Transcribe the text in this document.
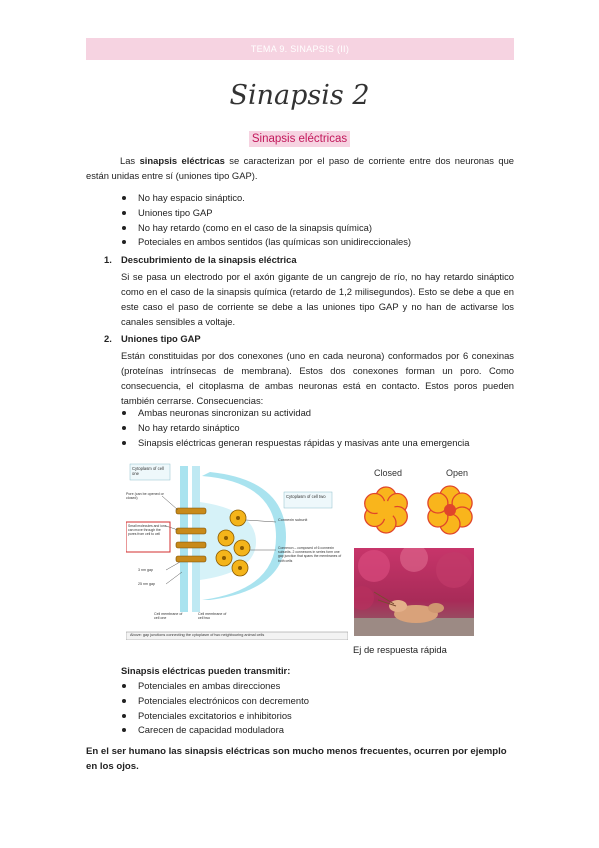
TEMA 9. SINAPSIS (II)
Sinapsis 2
Sinapsis eléctricas

Las sinapsis eléctricas se caracterizan por el paso de corriente entre dos neuronas que están unidas entre sí (uniones tipo GAP).

No hay espacio sináptico.
Uniones tipo GAP
No hay retardo (como en el caso de la sinapsis química)
Poteciales en ambos sentidos (las químicas son unidireccionales)
1. Descubrimiento de la sinapsis eléctrica

Si se pasa un electrodo por el axón gigante de un cangrejo de río, no hay retardo sináptico como en el caso de la sinapsis química (retardo de 1,2 milisegundos). Esto se debe a que en este caso el paso de corriente se debe a las uniones tipo GAP y no han de activarse los canales sensibles a voltaje.

2. Uniones tipo GAP

Están constituidas por dos conexones (uno en cada neurona) conformados por 6 conexinas (proteínas intrínsecas de membrana). Estos dos conexones forman un poro. Como consecuencia, el citoplasma de ambas neuronas está en contacto. Estos poros pueden también cerrarse. Consecuencias:

Ambas neuronas sincronizan su actividad
No hay retardo sináptico
Sinapsis eléctricas generan respuestas rápidas y masivas ante una emergencia
Cytoplasm of cell one
Cytoplasm of cell two
Pore (can be opened or closed)
Small molecules and ions can move through the pores from cell to cell
Connexin subunit
Connexon – composed of 6 connexin subunits. 2 connexons in series form one gap junction that spans the membranes of both cells
3 nm gap
25 nm gap
Cell membrane of cell one
Cell membrane of cell two
Above: gap junctions connecting the cytoplasm of two neighbouring animal cells
Closed	Open
Ej de respuesta rápida
Sinapsis eléctricas pueden transmitir:
Potenciales en ambas direcciones
Potenciales electrónicos con decremento
Potenciales excitatorios e inhibitorios
Carecen de capacidad moduladora
En el ser humano las sinapsis eléctricas son mucho menos frecuentes, ocurren por ejemplo en los ojos.
